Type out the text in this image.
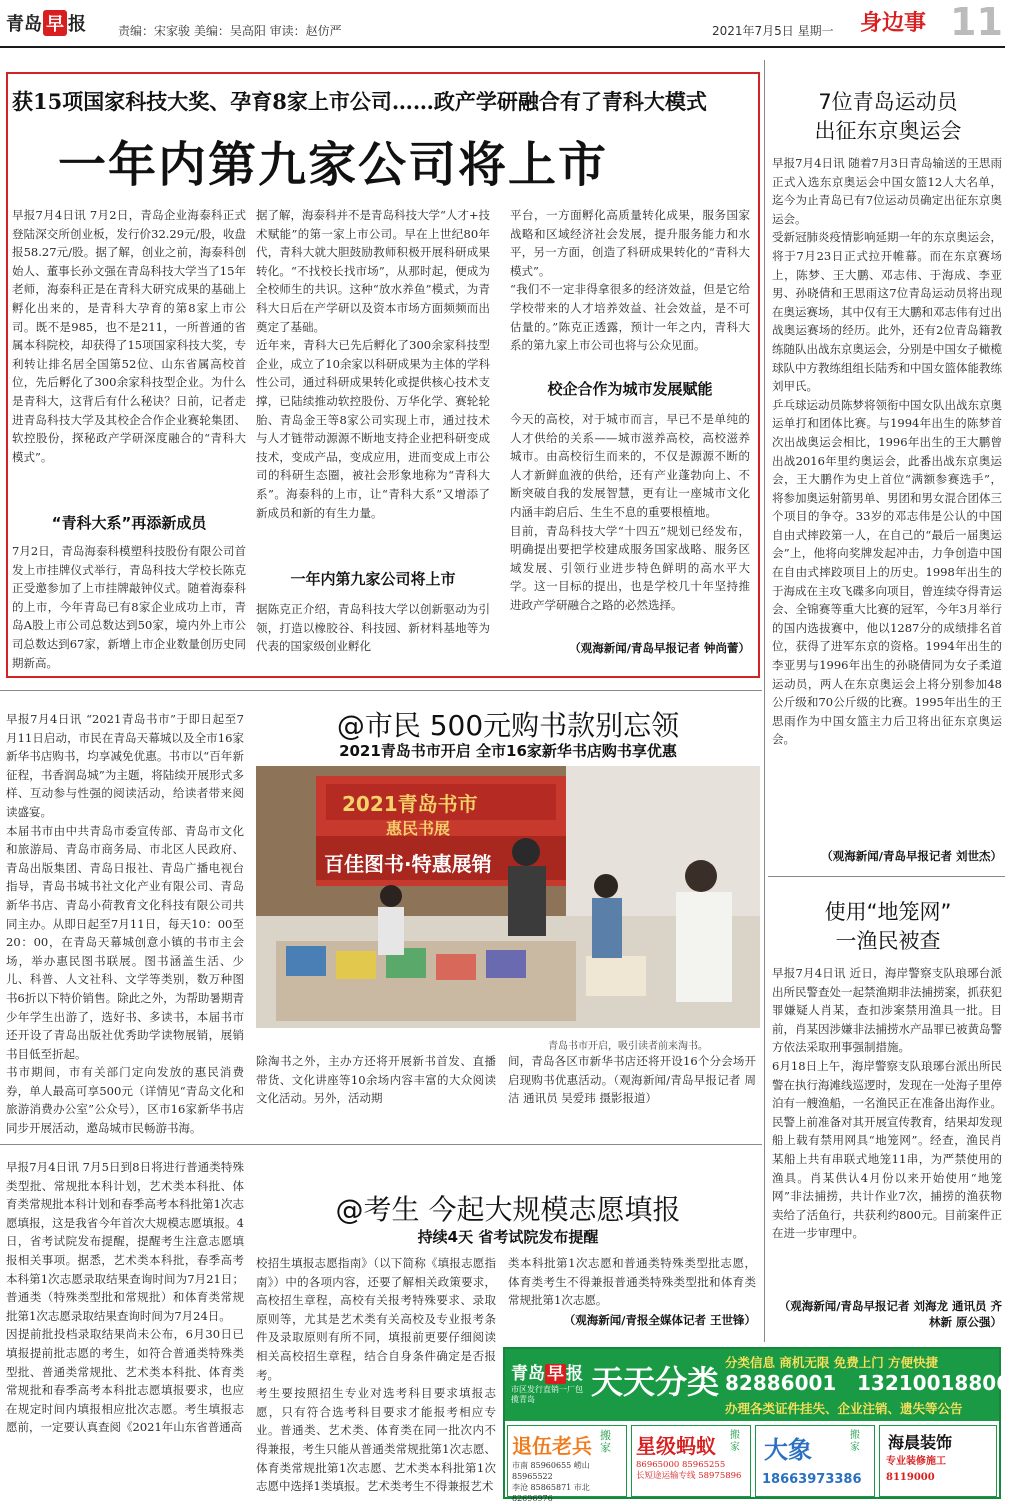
青岛 早 报	责编：宋家骏 美编：吴高阳 审读：赵仿严	2021年7月5日 星期一 身边事 11
获15项国家科技大奖、孕育8家上市公司……政产学研融合有了青科大模式
一年内第九家公司将上市
早报7月4日讯 7月2日，青岛企业海泰科正式登陆深交所创业板，发行价32.29元/股，收盘报58.27元/股。据了解，创业之前，海泰科创始人、董事长孙文强在青岛科技大学当了15年老师，海泰科正是在青科大研究成果的基础上孵化出来的，是青科大孕育的第8家上市公司。既不是985，也不是211，一所普通的省属本科院校，却获得了15项国家科技大奖，专利转让排名居全国第52位、山东省属高校首位，先后孵化了300余家科技型企业。为什么是青科大，这背后有什么秘诀？日前，记者走进青岛科技大学及其校企合作企业赛轮集团、软控股份，探秘政产学研深度融合的“青科大模式”。
“青科大系”再添新成员
7月2日，青岛海泰科模塑科技股份有限公司首发上市挂牌仪式举行，青岛科技大学校长陈克正受邀参加了上市挂牌敲钟仪式。随着海泰科的上市，今年青岛已有8家企业成功上市，青岛A股上市公司总数达到50家，境内外上市公司总数达到67家，新增上市企业数量创历史同期新高。
据了解，海泰科并不是青岛科技大学“人才+技术赋能”的第一家上市公司。早在上世纪80年代，青科大就大胆鼓励教师积极开展科研成果转化。“不找校长找市场”，从那时起，便成为全校师生的共识。这种“放水养鱼”模式，为青科大日后在产学研以及资本市场方面频频而出奠定了基础。
近年来，青科大已先后孵化了300余家科技型企业，成立了10余家以科研成果为主体的学科性公司，通过科研成果转化或提供核心技术支撑，已陆续推动软控股份、万华化学、赛轮轮胎、青岛金王等8家公司实现上市，通过技术与人才链带动源源不断地支持企业把科研变成技术，变成产品，变成应用，进而变成上市公司的科研生态圈，被社会形象地称为“青科大系”。海泰科的上市，让“青科大系”又增添了新成员和新的有生力量。
一年内第九家公司将上市
据陈克正介绍，青岛科技大学以创新驱动为引领，打造以橡胶谷、科技园、新材料基地等为代表的国家级创业孵化
平台，一方面孵化高质量转化成果，服务国家战略和区域经济社会发展，提升服务能力和水平，另一方面，创造了科研成果转化的“青科大模式”。
“我们不一定非得拿很多的经济效益，但是它给学校带来的人才培养效益、社会效益，是不可估量的。”陈克正透露，预计一年之内，青科大系的第九家上市公司也将与公众见面。
校企合作为城市发展赋能
今天的高校，对于城市而言，早已不是单纯的人才供给的关系——城市滋养高校，高校滋养城市。由高校衍生而来的，不仅是源源不断的人才新鲜血液的供给，还有产业蓬勃向上、不断突破自我的发展智慧，更有让一座城市文化内涵丰韵启后、生生不息的重要根植地。
目前，青岛科技大学“十四五”规划已经发布，明确提出要把学校建成服务国家战略、服务区域发展、引领行业进步特色鲜明的高水平大学。这一目标的提出，也是学校几十年坚持推进政产学研融合之路的必然选择。
（观海新闻/青岛早报记者 钟尚蕾）
7位青岛运动员
出征东京奥运会
早报7月4日讯 随着7月3日青岛输送的王思雨正式入选东京奥运会中国女篮12人大名单，迄今为止青岛已有7位运动员确定出征东京奥运会。
受新冠肺炎疫情影响延期一年的东京奥运会，将于7月23日正式拉开帷幕。而在东京赛场上，陈梦、王大鹏、邓志伟、于海成、李亚男、孙晓倩和王思雨这7位青岛运动员将出现在奥运赛场，其中仅有王大鹏和邓志伟有过出战奥运赛场的经历。此外，还有2位青岛籍教练随队出战东京奥运会，分别是中国女子橄榄球队中方教练组组长陆秀和中国女篮体能教练刘甲氏。
乒乓球运动员陈梦将领衔中国女队出战东京奥运单打和团体比赛。与1994年出生的陈梦首次出战奥运会相比，1996年出生的王大鹏曾出战2016年里约奥运会，此番出战东京奥运会，王大鹏作为史上首位“满额参赛选手”，将参加奥运射箭男单、男团和男女混合团体三个项目的争夺。33岁的邓志伟是公认的中国自由式摔跤第一人，在自己的“最后一届奥运会”上，他将向奖牌发起冲击，力争创造中国在自由式摔跤项目上的历史。1998年出生的于海成在主攻飞碟多向项目，曾连续夺得青运会、全锦赛等重大比赛的冠军，今年3月举行的国内选拔赛中，他以1287分的成绩排名首位，获得了进军东京的资格。1994年出生的李亚男与1996年出生的孙晓倩同为女子柔道运动员，两人在东京奥运会上将分别参加48公斤级和70公斤级的比赛。1995年出生的王思雨作为中国女篮主力后卫将出征东京奥运会。
（观海新闻/青岛早报记者 刘世杰）
使用“地笼网”
一渔民被查
早报7月4日讯 近日，海岸警察支队琅琊台派出所民警查处一起禁渔期非法捕捞案，抓获犯罪嫌疑人肖某，查扣涉案禁用渔具一批。目前，肖某因涉嫌非法捕捞水产品罪已被黄岛警方依法采取刑事强制措施。
6月18日上午，海岸警察支队琅琊台派出所民警在执行海滩线巡逻时，发现在一处海子里停泊有一艘渔船，一名渔民正在准备出海作业。民警上前准备对其开展宣传教育，结果却发现船上载有禁用网具“地笼网”。经查，渔民肖某船上共有串联式地笼11串，为严禁使用的渔具。肖某供认4月份以来开始使用“地笼网”非法捕捞，共计作业7次，捕捞的渔获物卖给了活鱼行，共获利约800元。目前案件正在进一步审理中。
（观海新闻/青岛早报记者 刘海龙 通讯员 齐林新 原公强）
@市民 500元购书款别忘领
2021青岛书市开启 全市16家新华书店购书享优惠
早报7月4日讯 “2021青岛书市”于即日起至7月11日启动，市民在青岛天幕城以及全市16家新华书店购书，均享减免优惠。书市以“百年新征程，书香润岛城”为主题，将陆续开展形式多样、互动参与性强的阅读活动，给读者带来阅读盛宴。
本届书市由中共青岛市委宣传部、青岛市文化和旅游局、青岛市商务局、市北区人民政府、青岛出版集团、青岛日报社、青岛广播电视台指导，青岛书城书社文化产业有限公司、青岛新华书店、青岛小荷教育文化科技有限公司共同主办。从即日起至7月11日，每天10：00至20：00，在青岛天幕城创意小镇的书市主会场，举办惠民图书联展。图书涵盖生活、少儿、科普、人文社科、文学等类别，数万种图书6折以下特价销售。除此之外，为帮助暑期青少年学生出游了，选好书、多读书，本届书市还开设了青岛出版社优秀助学读物展销，展销书目低至折起。
书市期间，市有关部门定向发放的惠民消费券，单人最高可享500元（详情见“青岛文化和旅游消费办公室”公众号），区市16家新华书店同步开展活动，邀岛城市民畅游书海。
2021青岛书市
惠民书展
百佳图书·特惠展销
青岛书市开启，吸引读者前来淘书。
除淘书之外，主办方还将开展新书首发、直播带货、文化讲座等10余场内容丰富的大众阅读文化活动。另外，活动期
间，青岛各区市新华书店还将开设16个分会场开启现购书优惠活动。（观海新闻/青岛早报记者 周洁 通讯员 吴爱玮 摄影报道）
@考生 今起大规模志愿填报
持续4天 省考试院发布提醒
早报7月4日讯 7月5日到8日将进行普通类特殊类型批、常规批本科计划，艺术类本科批、体育类常规批本科计划和春季高考本科批第1次志愿填报，这是我省今年首次大规模志愿填报。4日，省考试院发布提醒，提醒考生注意志愿填报相关事项。据悉，艺术类本科批，春季高考本科第1次志愿录取结果查询时间为7月21日；普通类（特殊类型批和常规批）和体育类常规批第1次志愿录取结果查询时间为7月24日。
因提前批投档录取结果尚未公布，6月30日已填报提前批志愿的考生，如符合普通类特殊类型批、普通类常规批、艺术类本科批、体育类常规批和春季高考本科批志愿填报要求，也应在规定时间内填报相应批次志愿。考生填报志愿前，一定要认真查阅《2021年山东省普通高
校招生填报志愿指南》（以下简称《填报志愿指南》）中的各项内容，还要了解相关政策要求，高校招生章程，高校有关报考特殊要求、录取原则等，尤其是艺术类有关高校及专业报考条件及录取原则有所不同，填报前更要仔细阅读相关高校招生章程，结合自身条件确定是否报考。
考生要按照招生专业对选考科目要求填报志愿，只有符合选考科目要求才能报考相应专业。普通类、艺术类、体育类在同一批次内不得兼报，考生只能从普通类常规批第1次志愿、体育类常规批第1次志愿、艺术类本科批第1次志愿中选择1类填报。艺术类考生不得兼报艺术
类本科批第1次志愿和普通类特殊类型批志愿，体育类考生不得兼报普通类特殊类型批和体育类常规批第1次志愿。
（观海新闻/青报全媒体记者 王世锋）
青岛 早 报
市区发行直销一厂包揽青岛	天天分类
分类信息 商机无限 免费上门 方便快捷
82886001 13210018806
办理各类证件挂失、企业注销、遗失等公告
退伍老兵 搬家
市南 85960655 崂山 85965522
李沧 85865871 市北 82696976
星级蚂蚁 搬家
86965000 85965255
长短途运输专线 58975896
大象
搬家
18663973386
海晨装饰
专业装修施工
8119000
